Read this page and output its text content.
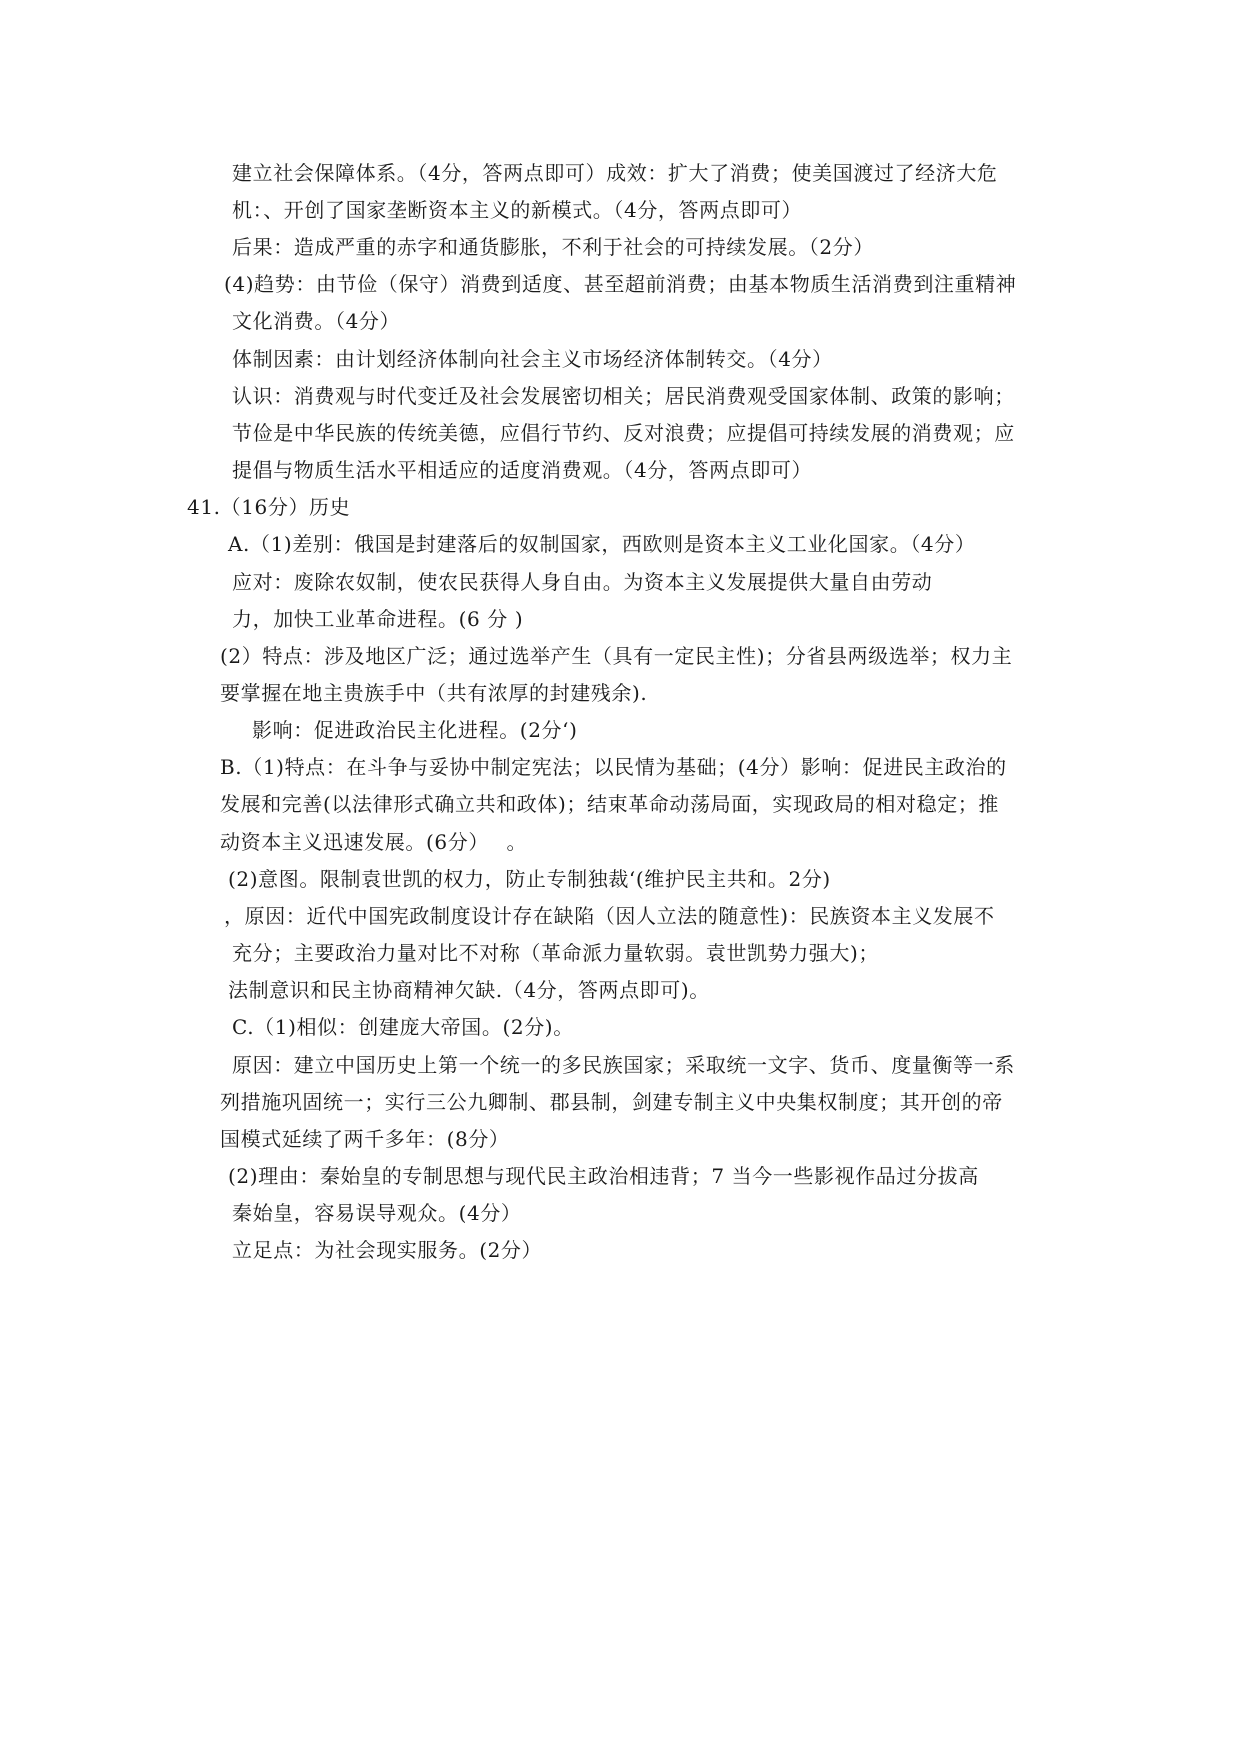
建立社会保障体系。（4分，答两点即可）成效：扩大了消费；使美国渡过了经济大危
机：、开创了国家垄断资本主义的新模式。（4分，答两点即可）
后果：造成严重的赤字和通货膨胀，不利于社会的可持续发展。（2分）
(4)趋势：由节俭（保守）消费到适度、甚至超前消费；由基本物质生活消费到注重精神
文化消费。（4分）
体制因素：由计划经济体制向社会主义市场经济体制转交。（4分）
认识：消费观与时代变迁及社会发展密切相关；居民消费观受国家体制、政策的影响；
节俭是中华民族的传统美德，应倡行节约、反对浪费；应提倡可持续发展的消费观；应
提倡与物质生活水平相适应的适度消费观。（4分，答两点即可）
41.（16分）历史
A.（1)差别：俄国是封建落后的奴制国家，西欧则是资本主义工业化国家。（4分）
应对：废除农奴制，使农民获得人身自由。为资本主义发展提供大量自由劳动
力，加快工业革命进程。(6 分 )
(2）特点：涉及地区广泛；通过选举产生（具有一定民主性)；分省县两级选举；权力主
要掌握在地主贵族手中（共有浓厚的封建残余).
影响：促进政治民主化进程。(2分‘)
B.（1)特点：在斗争与妥协中制定宪法；以民情为基础；(4分）影响：促进民主政治的
发展和完善(以法律形式确立共和政体)；结束革命动荡局面，实现政局的相对稳定；推
动资本主义迅速发展。(6分）　 。
(2)意图。限制袁世凯的权力，防止专制独裁‘(维护民主共和。2分)
，原因：近代中国宪政制度设计存在缺陷（因人立法的随意性)：民族资本主义发展不
充分；主要政治力量对比不对称（革命派力量软弱。袁世凯势力强大)；
法制意识和民主协商精神欠缺.（4分，答两点即可)。
C.（1)相似：创建庞大帝国。(2分)。
原因：建立中国历史上第一个统一的多民族国家；采取统一文字、货币、度量衡等一系
列措施巩固统一；实行三公九卿制、郡县制，剑建专制主义中央集权制度；其开创的帝
国模式延续了两千多年：(8分）
(2)理由：秦始皇的专制思想与现代民主政治相违背；7 当今一些影视作品过分拔高
秦始皇，容易误导观众。(4分）
立足点：为社会现实服务。(2分）
